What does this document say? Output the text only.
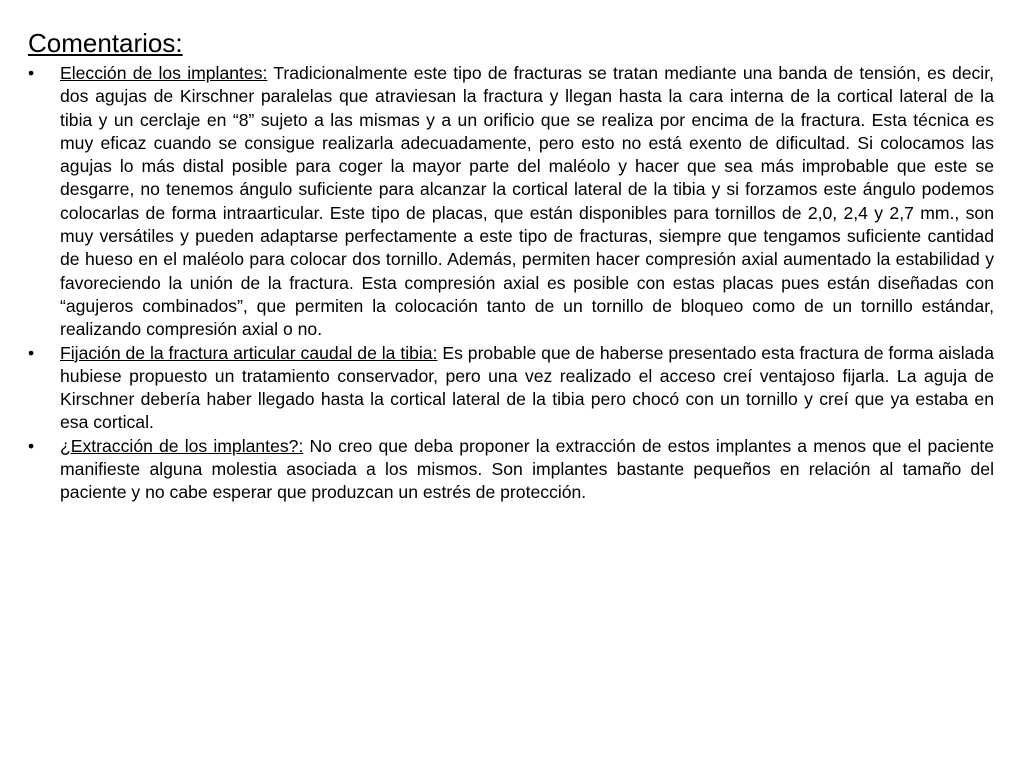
Comentarios:
•	Elección de los implantes: Tradicionalmente este tipo de fracturas se tratan mediante una banda de tensión, es decir, dos agujas de Kirschner paralelas que atraviesan la fractura y llegan hasta la cara interna de la cortical lateral de la tibia y un cerclaje en “8” sujeto a las mismas y a un orificio que se realiza por encima de la fractura. Esta técnica es muy eficaz cuando se consigue realizarla adecuadamente, pero esto no está exento de dificultad. Si colocamos las agujas lo más distal posible para coger la mayor parte del maléolo y hacer que sea más improbable que este se desgarre, no tenemos ángulo suficiente para alcanzar la cortical lateral de la tibia y si forzamos este ángulo podemos colocarlas de forma intraarticular. Este tipo de placas, que están disponibles para tornillos de 2,0, 2,4 y 2,7 mm., son muy versátiles y pueden adaptarse perfectamente a este tipo de fracturas, siempre que tengamos suficiente cantidad de hueso en el maléolo para colocar dos tornillo. Además, permiten hacer compresión axial aumentado la estabilidad y favoreciendo la unión de la fractura. Esta compresión axial es posible con estas placas pues están diseñadas con “agujeros combinados”, que permiten la colocación tanto de un tornillo de bloqueo como de un tornillo estándar, realizando compresión axial o no.
•	Fijación de la fractura articular caudal de la tibia: Es probable que de haberse presentado esta fractura de forma aislada hubiese propuesto un tratamiento conservador, pero una vez realizado el acceso creí ventajoso fijarla. La aguja de Kirschner debería haber llegado hasta la cortical lateral de la tibia pero chocó con un tornillo y creí que ya estaba en esa cortical.
•	¿Extracción de los implantes?: No creo que deba proponer la extracción de estos implantes a menos que el paciente manifieste alguna molestia asociada a los mismos. Son implantes bastante pequeños en relación al tamaño del paciente y no cabe esperar que produzcan un estrés de protección.
